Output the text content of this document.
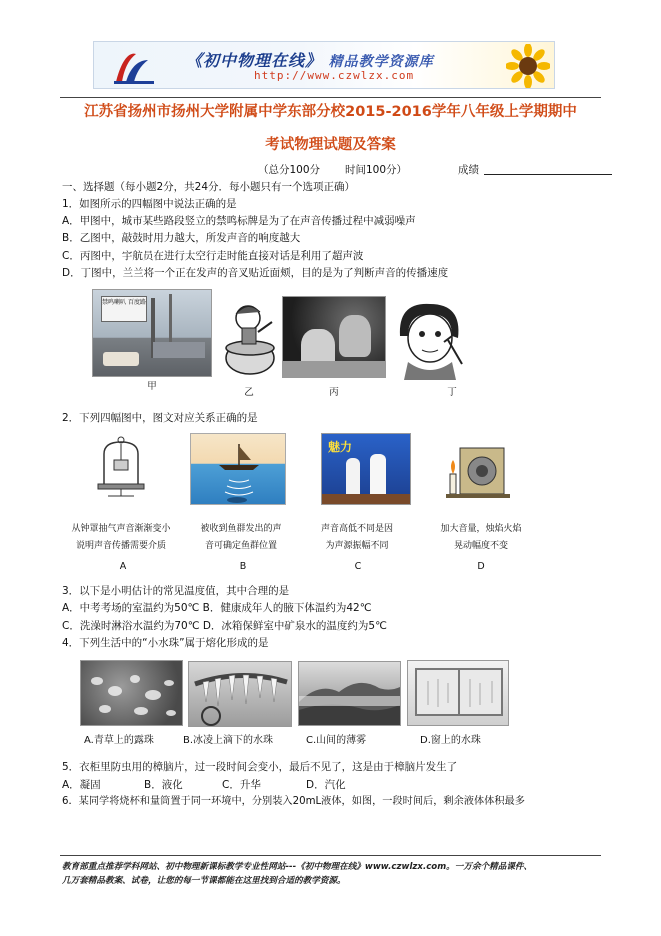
《初中物理在线》 精品教学资源库
http://www.czwlzx.com
江苏省扬州市扬州大学附属中学东部分校2015-2016学年八年级上学期期中
考试物理试题及答案
（总分100分 时间100分）	成绩
一、选择题（每小题2分，共24分．每小题只有一个选项正确）
1．如图所示的四幅图中说法正确的是
A．甲图中，城市某些路段竖立的禁鸣标牌是为了在声音传播过程中减弱噪声
B．乙图中，敲鼓时用力越大，所发声音的响度越大
C．丙图中，宇航员在进行太空行走时能直接对话是利用了超声波
D．丁图中，兰兰将一个正在发声的音叉贴近面颊，目的是为了判断声音的传播速度
禁鸣喇叭 百度路
甲
乙	丙	丁
2．下列四幅图中，图文对应关系正确的是
魅力
从钟罩抽气声音渐渐变小
说明声音传播需要介质
被收到鱼群发出的声
音可确定鱼群位置
声音高低不同是因
为声源振幅不同
加大音量，烛焰火焰
晃动幅度不变
A	B	C	D
3．以下是小明估计的常见温度值，其中合理的是
A．中考考场的室温约为50℃ B．健康成年人的腋下体温约为42℃
C．洗澡时淋浴水温约为70℃ D．冰箱保鲜室中矿泉水的温度约为5℃
4．下列生活中的“小水珠”属于熔化形成的是
A.青草上的露珠	B.冰凌上滴下的水珠	C.山间的薄雾	D.窗上的水珠
5．衣柜里防虫用的樟脑片，过一段时间会变小，最后不见了，这是由于樟脑片发生了
A．凝固	B．液化	C．升华	D．汽化
6．某同学将烧杯和量筒置于同一环境中，分别装入20mL液体，如图，一段时间后，剩余液体体积最多
教育部重点推荐学科网站、初中物理新课标教学专业性网站---《初中物理在线》www.czwlzx.com。一万余个精品课件、
几万套精品教案、试卷，让您的每一节课都能在这里找到合适的教学资源。
